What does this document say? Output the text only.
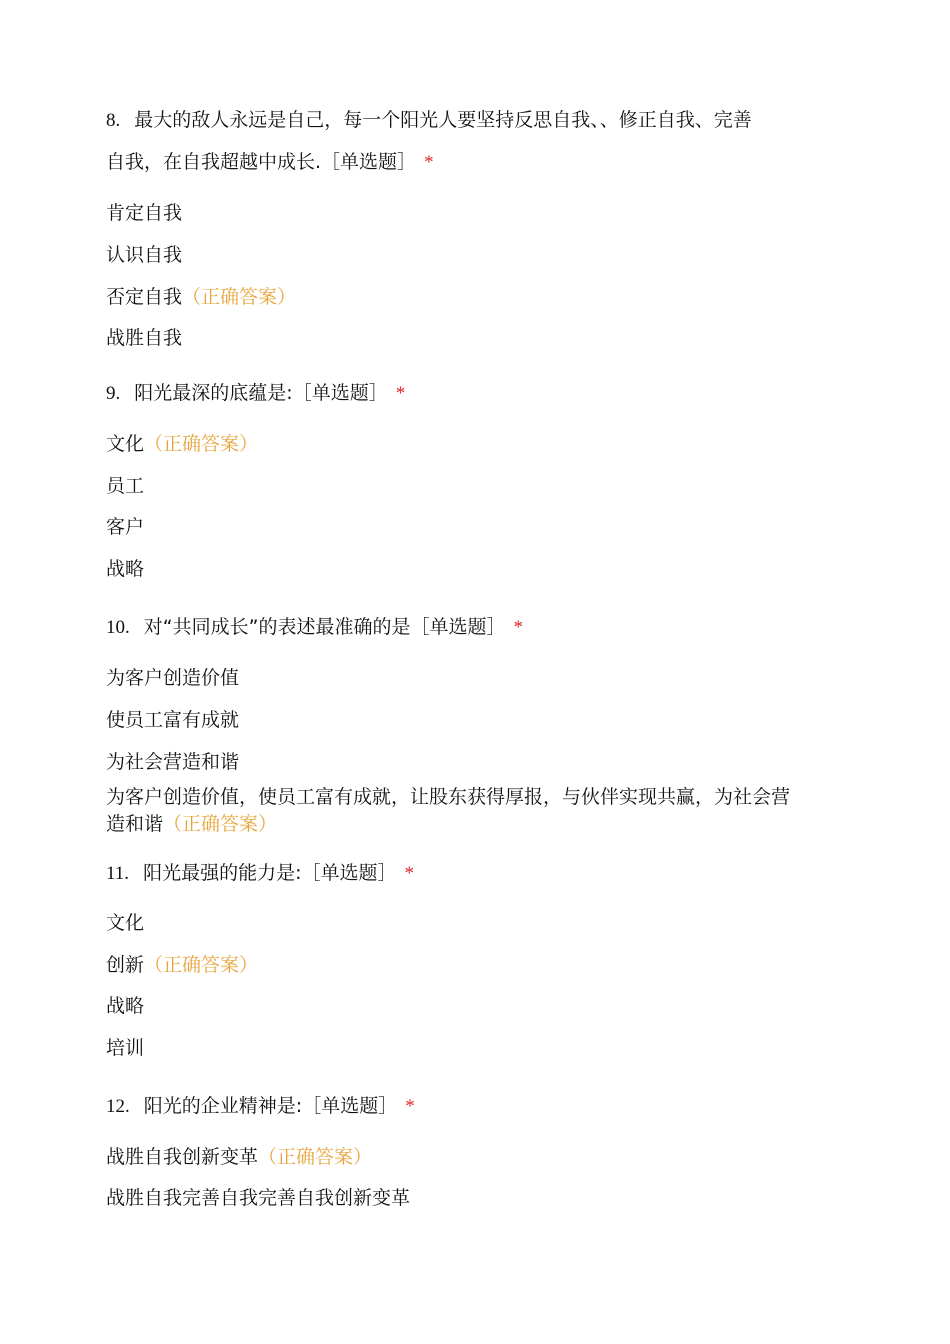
8. 最大的敌人永远是自己，每一个阳光人要坚持反思自我、、修正自我、完善
自我，在自我超越中成长.［单选题］ *
肯定自我
认识自我
否定自我（正确答案）
战胜自我
9. 阳光最深的底蕴是:［单选题］ *
文化（正确答案）
员工
客户
战略
10. 对“共同成长”的表述最准确的是［单选题］ *
为客户创造价值
使员工富有成就
为社会营造和谐
为客户创造价值，使员工富有成就，让股东获得厚报，与伙伴实现共赢，为社会营
造和谐（正确答案）
11. 阳光最强的能力是:［单选题］ *
文化
创新（正确答案）
战略
培训
12. 阳光的企业精神是:［单选题］ *
战胜自我创新变革（正确答案）
战胜自我完善自我完善自我创新变革
